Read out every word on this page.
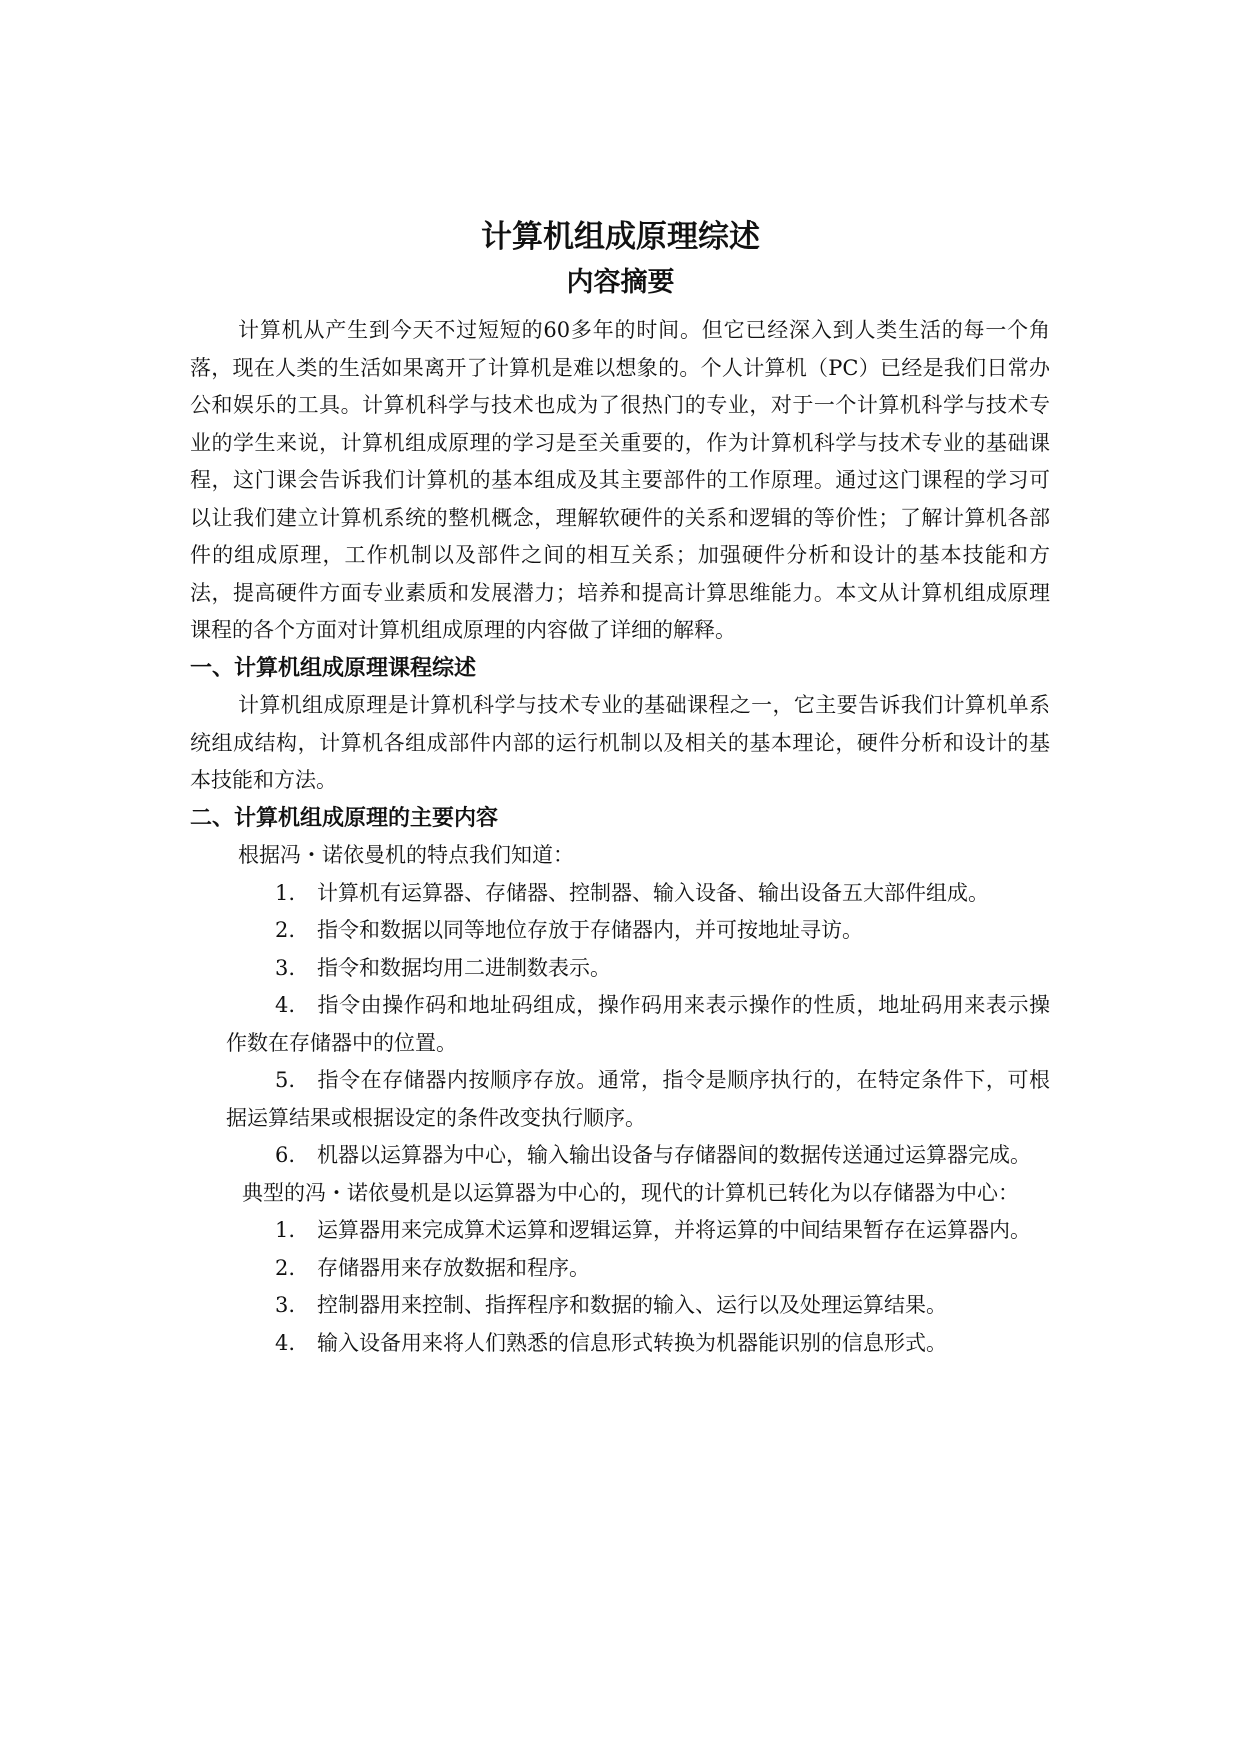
计算机组成原理综述
内容摘要

计算机从产生到今天不过短短的60多年的时间。但它已经深入到人类生活的每一个角落，现在人类的生活如果离开了计算机是难以想象的。个人计算机（PC）已经是我们日常办公和娱乐的工具。计算机科学与技术也成为了很热门的专业，对于一个计算机科学与技术专业的学生来说，计算机组成原理的学习是至关重要的，作为计算机科学与技术专业的基础课程，这门课会告诉我们计算机的基本组成及其主要部件的工作原理。通过这门课程的学习可以让我们建立计算机系统的整机概念，理解软硬件的关系和逻辑的等价性；了解计算机各部件的组成原理，工作机制以及部件之间的相互关系；加强硬件分析和设计的基本技能和方法，提高硬件方面专业素质和发展潜力；培养和提高计算思维能力。本文从计算机组成原理课程的各个方面对计算机组成原理的内容做了详细的解释。

一、计算机组成原理课程综述

计算机组成原理是计算机科学与技术专业的基础课程之一，它主要告诉我们计算机单系统组成结构，计算机各组成部件内部的运行机制以及相关的基本理论，硬件分析和设计的基本技能和方法。

二、计算机组成原理的主要内容

根据冯・诺依曼机的特点我们知道：

1. 计算机有运算器、存储器、控制器、输入设备、输出设备五大部件组成。

2. 指令和数据以同等地位存放于存储器内，并可按地址寻访。

3. 指令和数据均用二进制数表示。

4. 指令由操作码和地址码组成，操作码用来表示操作的性质，地址码用来表示操作数在存储器中的位置。

5. 指令在存储器内按顺序存放。通常，指令是顺序执行的，在特定条件下，可根据运算结果或根据设定的条件改变执行顺序。

6. 机器以运算器为中心，输入输出设备与存储器间的数据传送通过运算器完成。

典型的冯・诺依曼机是以运算器为中心的，现代的计算机已转化为以存储器为中心：

1. 运算器用来完成算术运算和逻辑运算，并将运算的中间结果暂存在运算器内。

2. 存储器用来存放数据和程序。

3. 控制器用来控制、指挥程序和数据的输入、运行以及处理运算结果。

4. 输入设备用来将人们熟悉的信息形式转换为机器能识别的信息形式。
